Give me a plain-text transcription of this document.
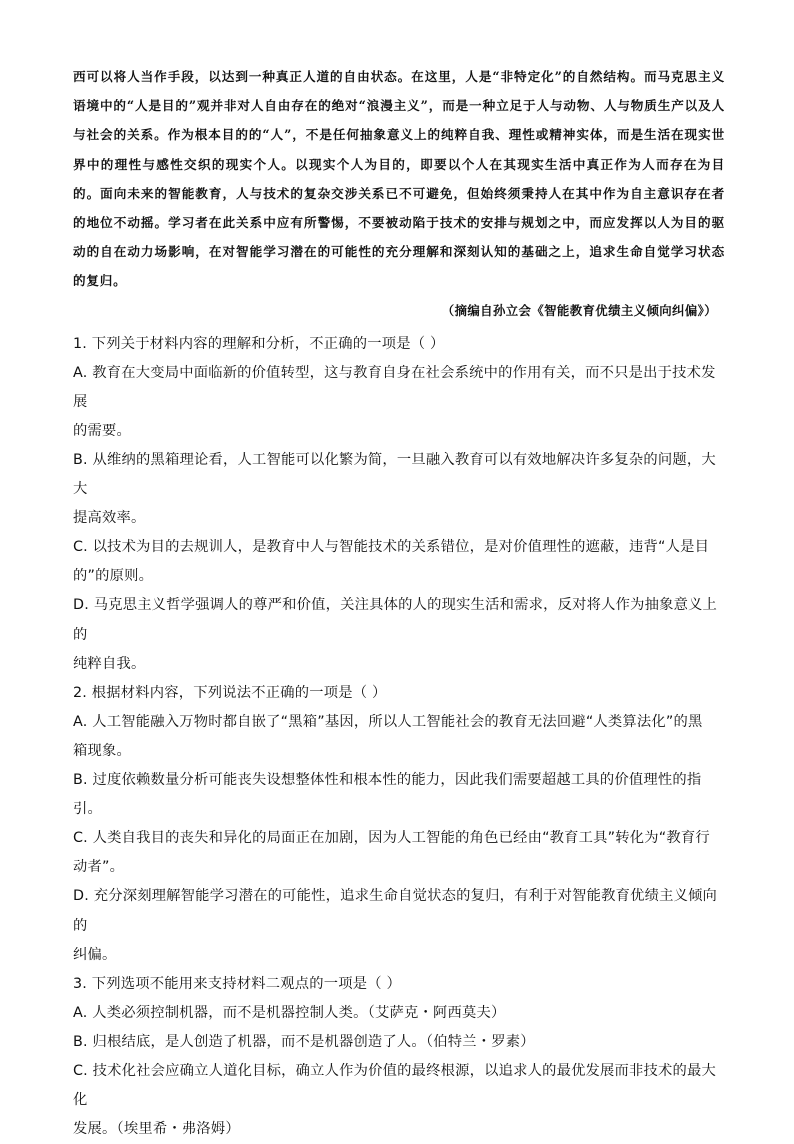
西可以将人当作手段，以达到一种真正人道的自由状态。在这里，人是“非特定化”的自然结构。而马克思主义语境中的“人是目的”观并非对人自由存在的绝对“浪漫主义”，而是一种立足于人与动物、人与物质生产以及人与社会的关系。作为根本目的的“人”，不是任何抽象意义上的纯粹自我、理性或精神实体，而是生活在现实世界中的理性与感性交织的现实个人。以现实个人为目的，即要以个人在其现实生活中真正作为人而存在为目的。面向未来的智能教育，人与技术的复杂交涉关系已不可避免，但始终须秉持人在其中作为自主意识存在者的地位不动摇。学习者在此关系中应有所警惕，不要被动陷于技术的安排与规划之中，而应发挥以人为目的驱动的自在动力场影响，在对智能学习潜在的可能性的充分理解和深刻认知的基础之上，追求生命自觉学习状态的复归。

（摘编自孙立会《智能教育优绩主义倾向纠偏》）

1. 下列关于材料内容的理解和分析，不正确的一项是（ ）

A. 教育在大变局中面临新的价值转型，这与教育自身在社会系统中的作用有关，而不只是出于技术发展

的需要。

B. 从维纳的黑箱理论看，人工智能可以化繁为简，一旦融入教育可以有效地解决许多复杂的问题，大大

提高效率。

C. 以技术为目的去规训人，是教育中人与智能技术的关系错位，是对价值理性的遮蔽，违背“人是目

的”的原则。

D. 马克思主义哲学强调人的尊严和价值，关注具体的人的现实生活和需求，反对将人作为抽象意义上的

纯粹自我。

2. 根据材料内容，下列说法不正确的一项是（ ）

A. 人工智能融入万物时都自嵌了“黑箱”基因，所以人工智能社会的教育无法回避“人类算法化”的黑

箱现象。

B. 过度依赖数量分析可能丧失设想整体性和根本性的能力，因此我们需要超越工具的价值理性的指引。

C. 人类自我目的丧失和异化的局面正在加剧，因为人工智能的角色已经由“教育工具”转化为“教育行

动者”。

D. 充分深刻理解智能学习潜在的可能性，追求生命自觉状态的复归，有利于对智能教育优绩主义倾向的

纠偏。

3. 下列选项不能用来支持材料二观点的一项是（ ）

A. 人类必须控制机器，而不是机器控制人类。（艾萨克・阿西莫夫）

B. 归根结底，是人创造了机器，而不是机器创造了人。（伯特兰・罗素）

C. 技术化社会应确立人道化目标，确立人作为价值的最终根源，以追求人的最优发展而非技术的最大化

发展。（埃里希・弗洛姆）
